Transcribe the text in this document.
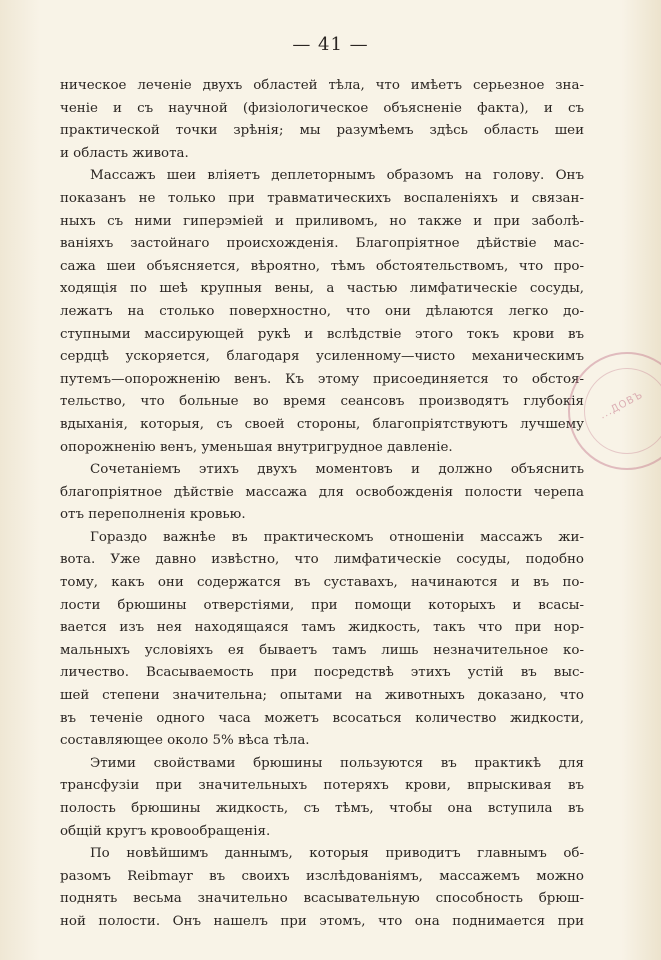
— 41 —
ническое леченіе двухъ областей тѣла, что имѣетъ серьезное зна-
ченіе и съ научной (физіологическое объясненіе факта), и съ
практической точки зрѣнія; мы разумѣемъ здѣсь область шеи
и область живота.
Массажъ шеи вліяетъ деплеторнымъ образомъ на голову. Онъ
показанъ не только при травматическихъ воспаленіяхъ и связан-
ныхъ съ ними гиперэміей и приливомъ, но также и при заболѣ-
ваніяхъ застойнаго происхожденія. Благопріятное дѣйствіе мас-
сажа шеи объясняется, вѣроятно, тѣмъ обстоятельствомъ, что про-
ходящія по шеѣ крупныя вены, а частью лимфатическіе сосуды,
лежатъ на столько поверхностно, что они дѣлаются легко до-
ступными массирующей рукѣ и вслѣдствіе этого токъ крови въ
сердцѣ ускоряется, благодаря усиленному—чисто механическимъ
путемъ—опорожненію венъ. Къ этому присоединяется то обстоя-
тельство, что больные во время сеансовъ производятъ глубокія
вдыханія, которыя, съ своей стороны, благопріятствуютъ лучшему
опорожненію венъ, уменьшая внутригрудное давленіе.
Сочетаніемъ этихъ двухъ моментовъ и должно объяснить
благопріятное дѣйствіе массажа для освобожденія полости черепа
отъ переполненія кровью.
Гораздо важнѣе въ практическомъ отношеніи массажъ жи-
вота. Уже давно извѣстно, что лимфатическіе сосуды, подобно
тому, какъ они содержатся въ суставахъ, начинаются и въ по-
лости брюшины отверстіями, при помощи которыхъ и всасы-
вается изъ нея находящаяся тамъ жидкость, такъ что при нор-
мальныхъ условіяхъ ея бываетъ тамъ лишь незначительное ко-
личество. Всасываемость при посредствѣ этихъ устій въ выс-
шей степени значительна; опытами на животныхъ доказано, что
въ теченіе одного часа можетъ всосаться количество жидкости,
составляющее около 5% вѣса тѣла.
Этими свойствами брюшины пользуются въ практикѣ для
трансфузіи при значительныхъ потеряхъ крови, впрыскивая въ
полость брюшины жидкость, съ тѣмъ, чтобы она вступила въ
общій кругъ кровообращенія.
По новѣйшимъ даннымъ, которыя приводитъ главнымъ об-
разомъ Reibmayr въ своихъ изслѣдованіямъ, массажемъ можно
поднять весьма значительно всасывательную способность брюш-
ной полости. Онъ нашелъ при этомъ, что она поднимается при
...ДОВЪ
